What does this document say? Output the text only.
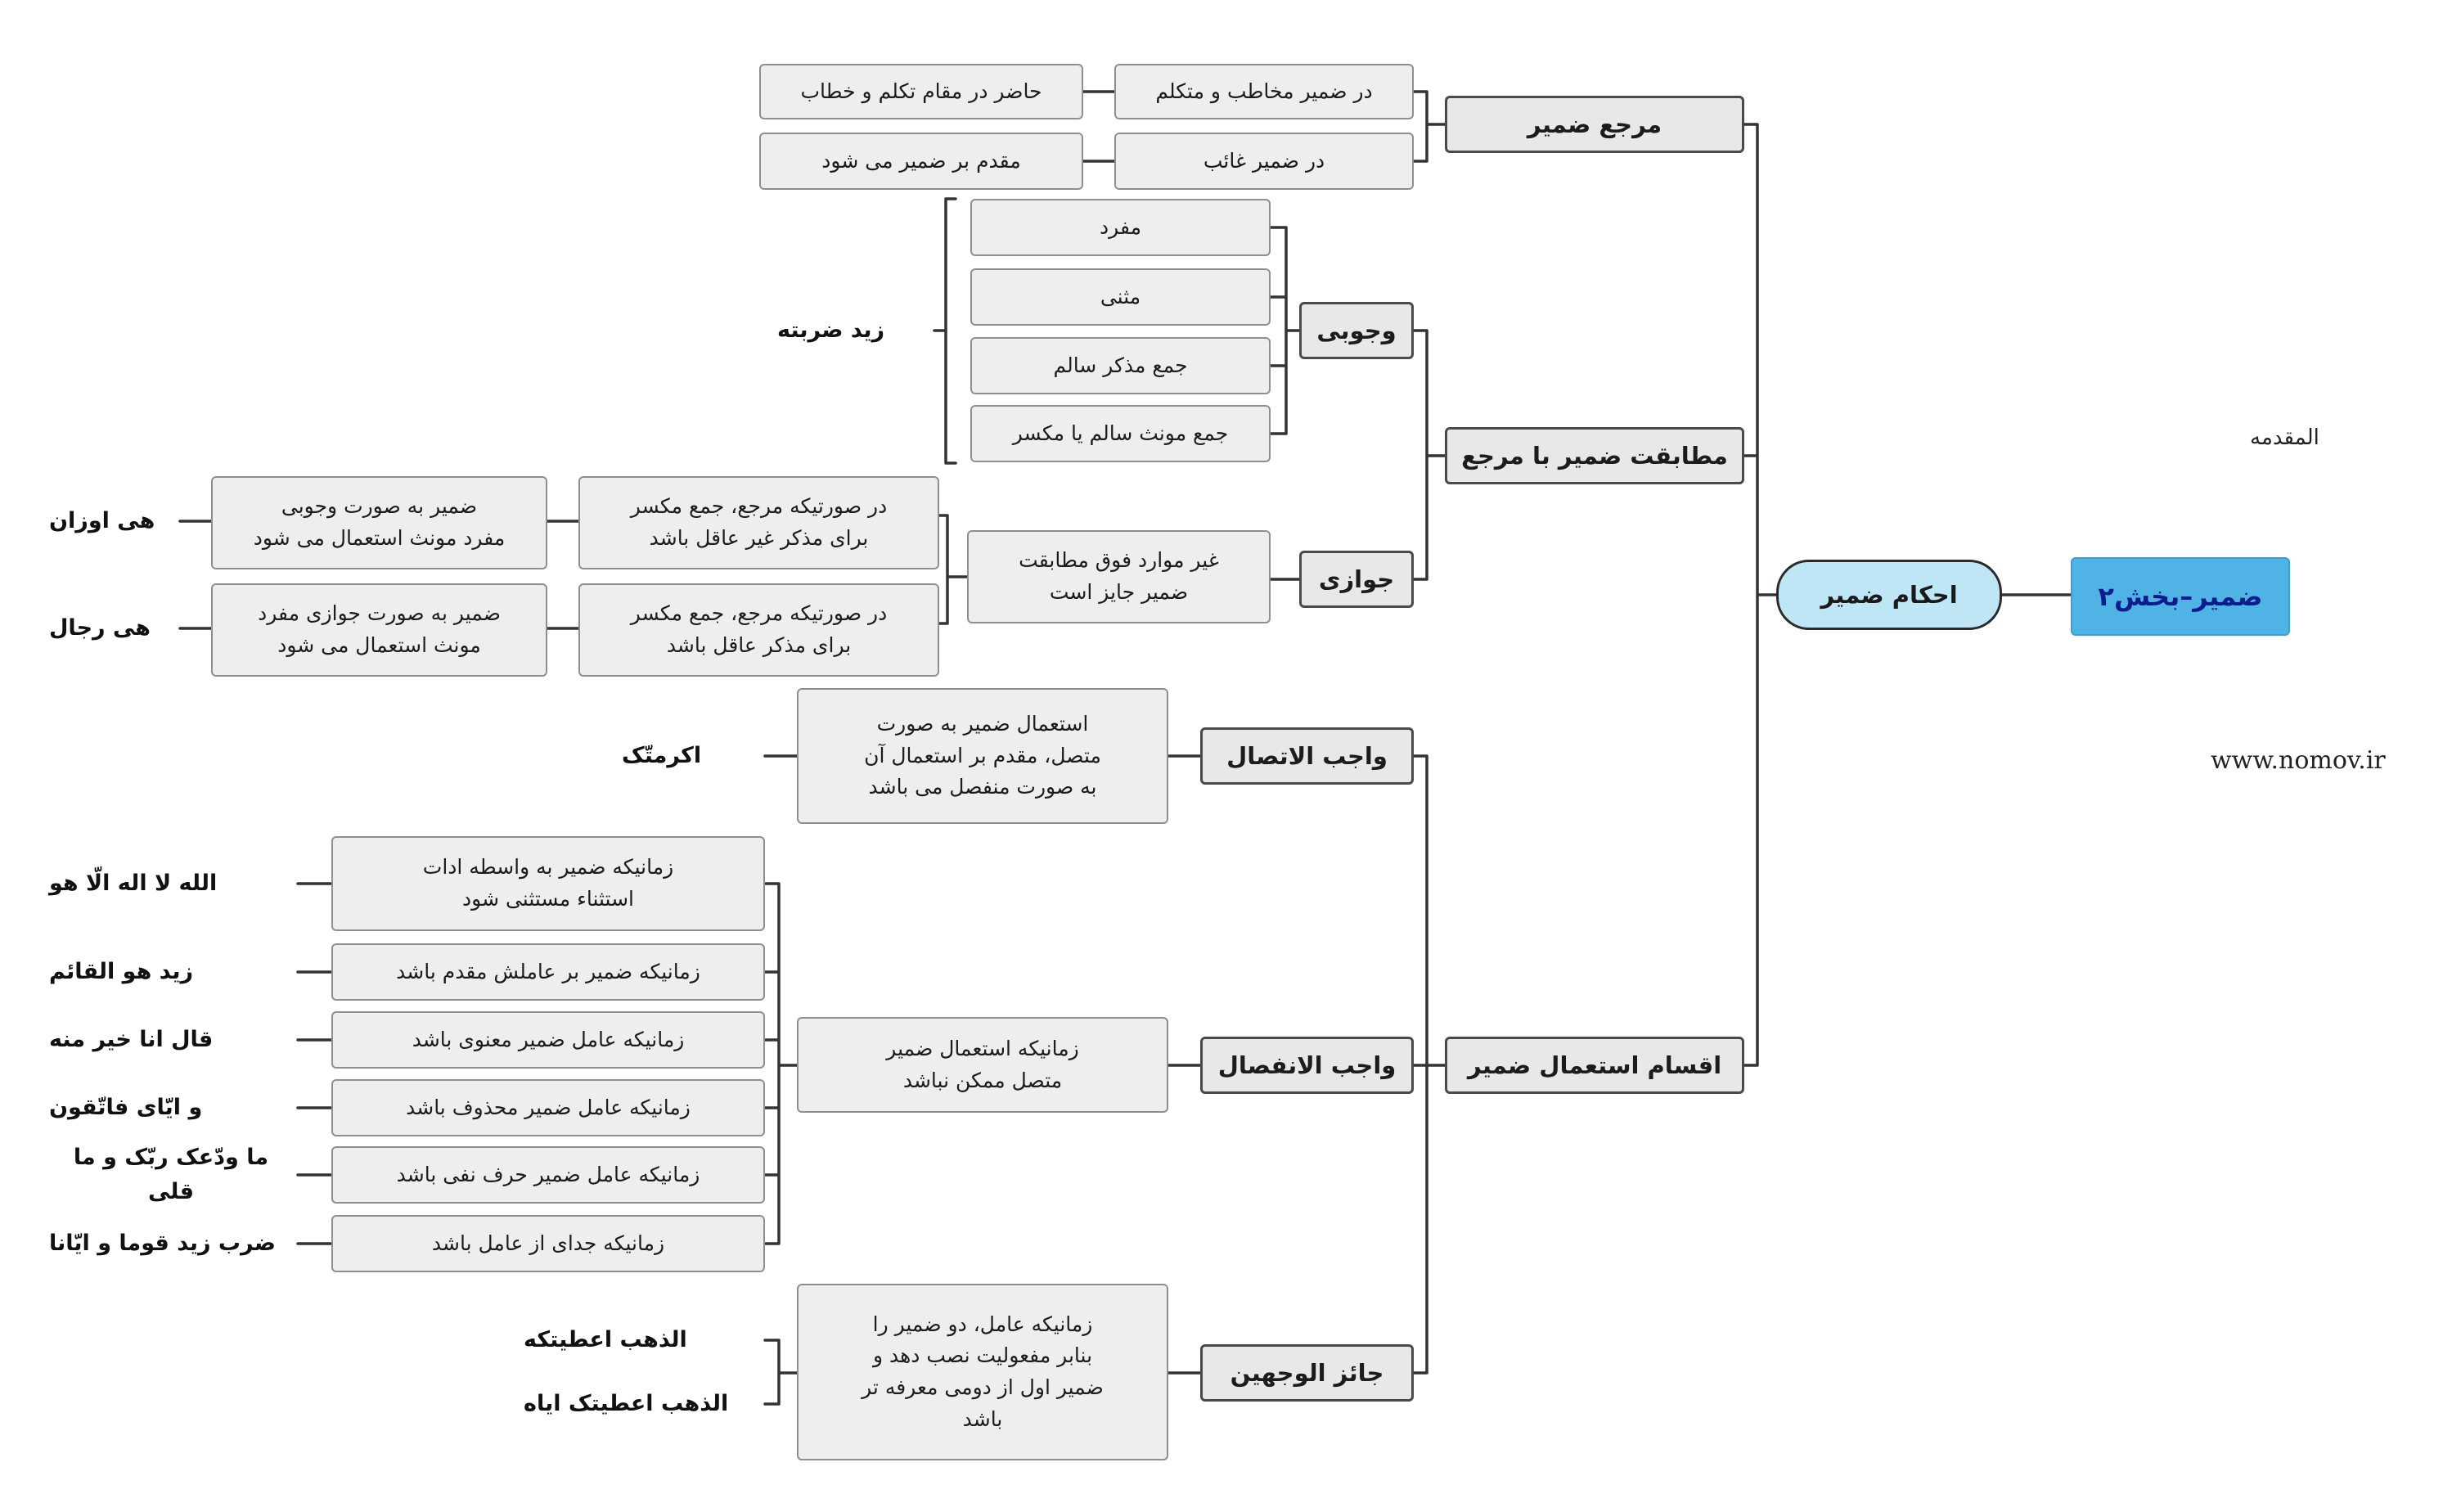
ضمیر–بخش۲
احکام ضمیر
المقدمه
www.nomov.ir
مرجع ضمیر
در ضمیر مخاطب و متکلم
حاضر در مقام تکلم و خطاب
در ضمیر غائب
مقدم بر ضمیر می شود
مطابقت ضمیر با مرجع
وجوبی
مفرد
مثنی
جمع مذکر سالم
جمع مونث سالم یا مکسر
زید ضربته
جوازی
غیر موارد فوق مطابقت
ضمیر جایز است
در صورتیکه مرجع، جمع مکسر
برای مذکر غیر عاقل باشد
ضمیر به صورت وجوبی
مفرد مونث استعمال می شود
هی اوزان
در صورتیکه مرجع، جمع مکسر
برای مذکر عاقل باشد
ضمیر به صورت جوازی مفرد
مونث استعمال می شود
هی رجال
اقسام استعمال ضمیر
واجب الاتصال
استعمال ضمیر به صورت
متصل، مقدم بر استعمال آن
به صورت منفصل می باشد
اکرمتّک
واجب الانفصال
زمانیکه استعمال ضمیر
متصل ممکن نباشد
زمانیکه ضمیر به واسطه ادات
استثناء مستثنی شود
الله لا اله الّا هو
زمانیکه ضمیر بر عاملش مقدم باشد
زید هو القائم
زمانیکه عامل ضمیر معنوی باشد
قال انا خیر منه
زمانیکه عامل ضمیر محذوف باشد
و ایّای فاتّقون
زمانیکه عامل ضمیر حرف نفی باشد
ما ودّعک ربّک و ما قلی
زمانیکه جدای از عامل باشد
ضرب زید قوما و ایّانا
جائز الوجهین
زمانیکه عامل، دو ضمیر را
بنابر مفعولیت نصب دهد و
ضمیر اول از دومی معرفه تر
باشد
الذهب اعطیتکه
الذهب اعطیتک ایاه
